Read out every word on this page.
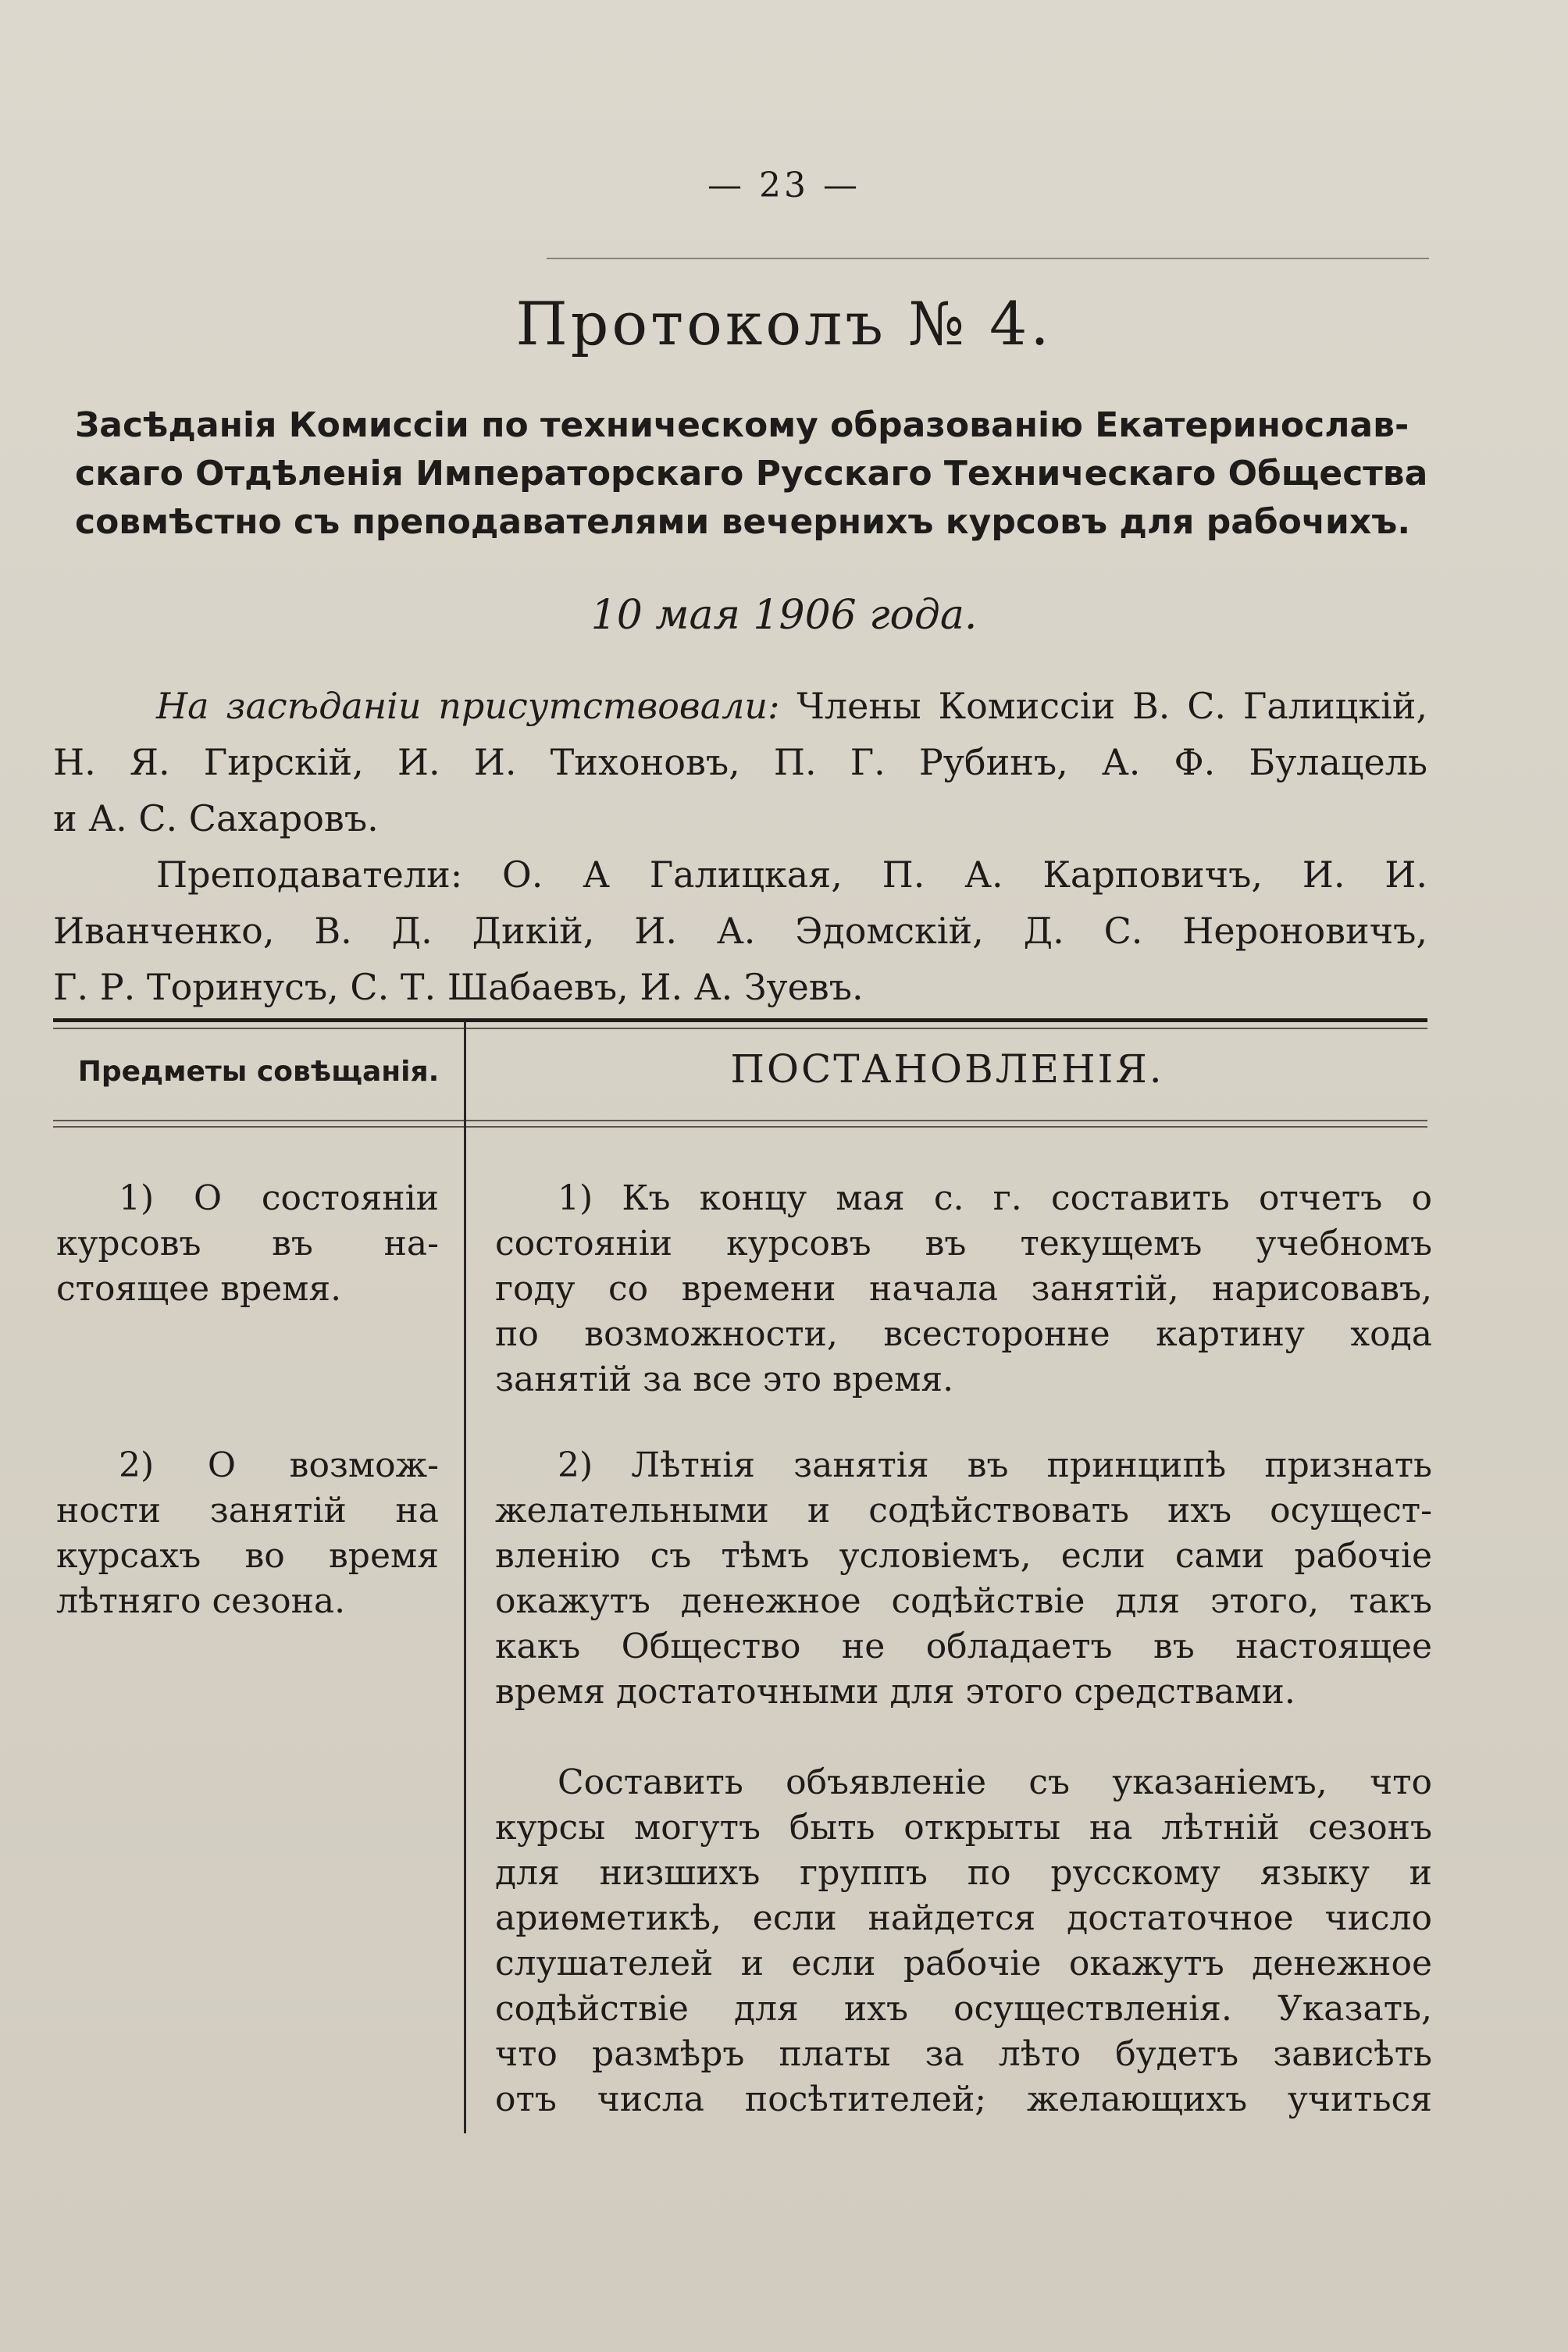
— 23 —
Протоколъ № 4.
Засѣданія Комиссіи по техническому образованію Екатеринослав-
скаго Отдѣленія Императорскаго Русскаго Техническаго Общества
совмѣстно съ преподавателями вечернихъ курсовъ для рабочихъ.
10 мая 1906 года.
На засѣданіи присутствовали: Члены Комиссіи В. С. Галицкій,
Н. Я. Гирскій, И. И. Тихоновъ, П. Г. Рубинъ, А. Ф. Булацель
и А. С. Сахаровъ.
Преподаватели: О. А Галицкая, П. А. Карповичъ, И. И.
Иванченко, В. Д. Дикій, И. А. Эдомскій, Д. С. Нероновичъ,
Г. Р. Торинусъ, С. Т. Шабаевъ, И. А. Зуевъ.
Предметы совѣщанія.	ПОСТАНОВЛЕНІЯ.
1) О состояніи
курсовъ въ на-
стоящее время.
2) О возмож-
ности занятій на
курсахъ во время
лѣтняго сезона.
1) Къ концу мая с. г. составить отчетъ о
состояніи курсовъ въ текущемъ учебномъ
году со времени начала занятій, нарисовавъ,
по возможности, всесторонне картину хода
занятій за все это время.
2) Лѣтнія занятія въ принципѣ признать
желательными и содѣйствовать ихъ осущест-
вленію съ тѣмъ условіемъ, если сами рабочіе
окажутъ денежное содѣйствіе для этого, такъ
какъ Общество не обладаетъ въ настоящее
время достаточными для этого средствами.
Составить объявленіе съ указаніемъ, что
курсы могутъ быть открыты на лѣтній сезонъ
для низшихъ группъ по русскому языку и
ариѳметикѣ, если найдется достаточное число
слушателей и если рабочіе окажутъ денежное
содѣйствіе для ихъ осуществленія. Указать,
что размѣръ платы за лѣто будетъ зависѣть
отъ числа посѣтителей; желающихъ учиться
